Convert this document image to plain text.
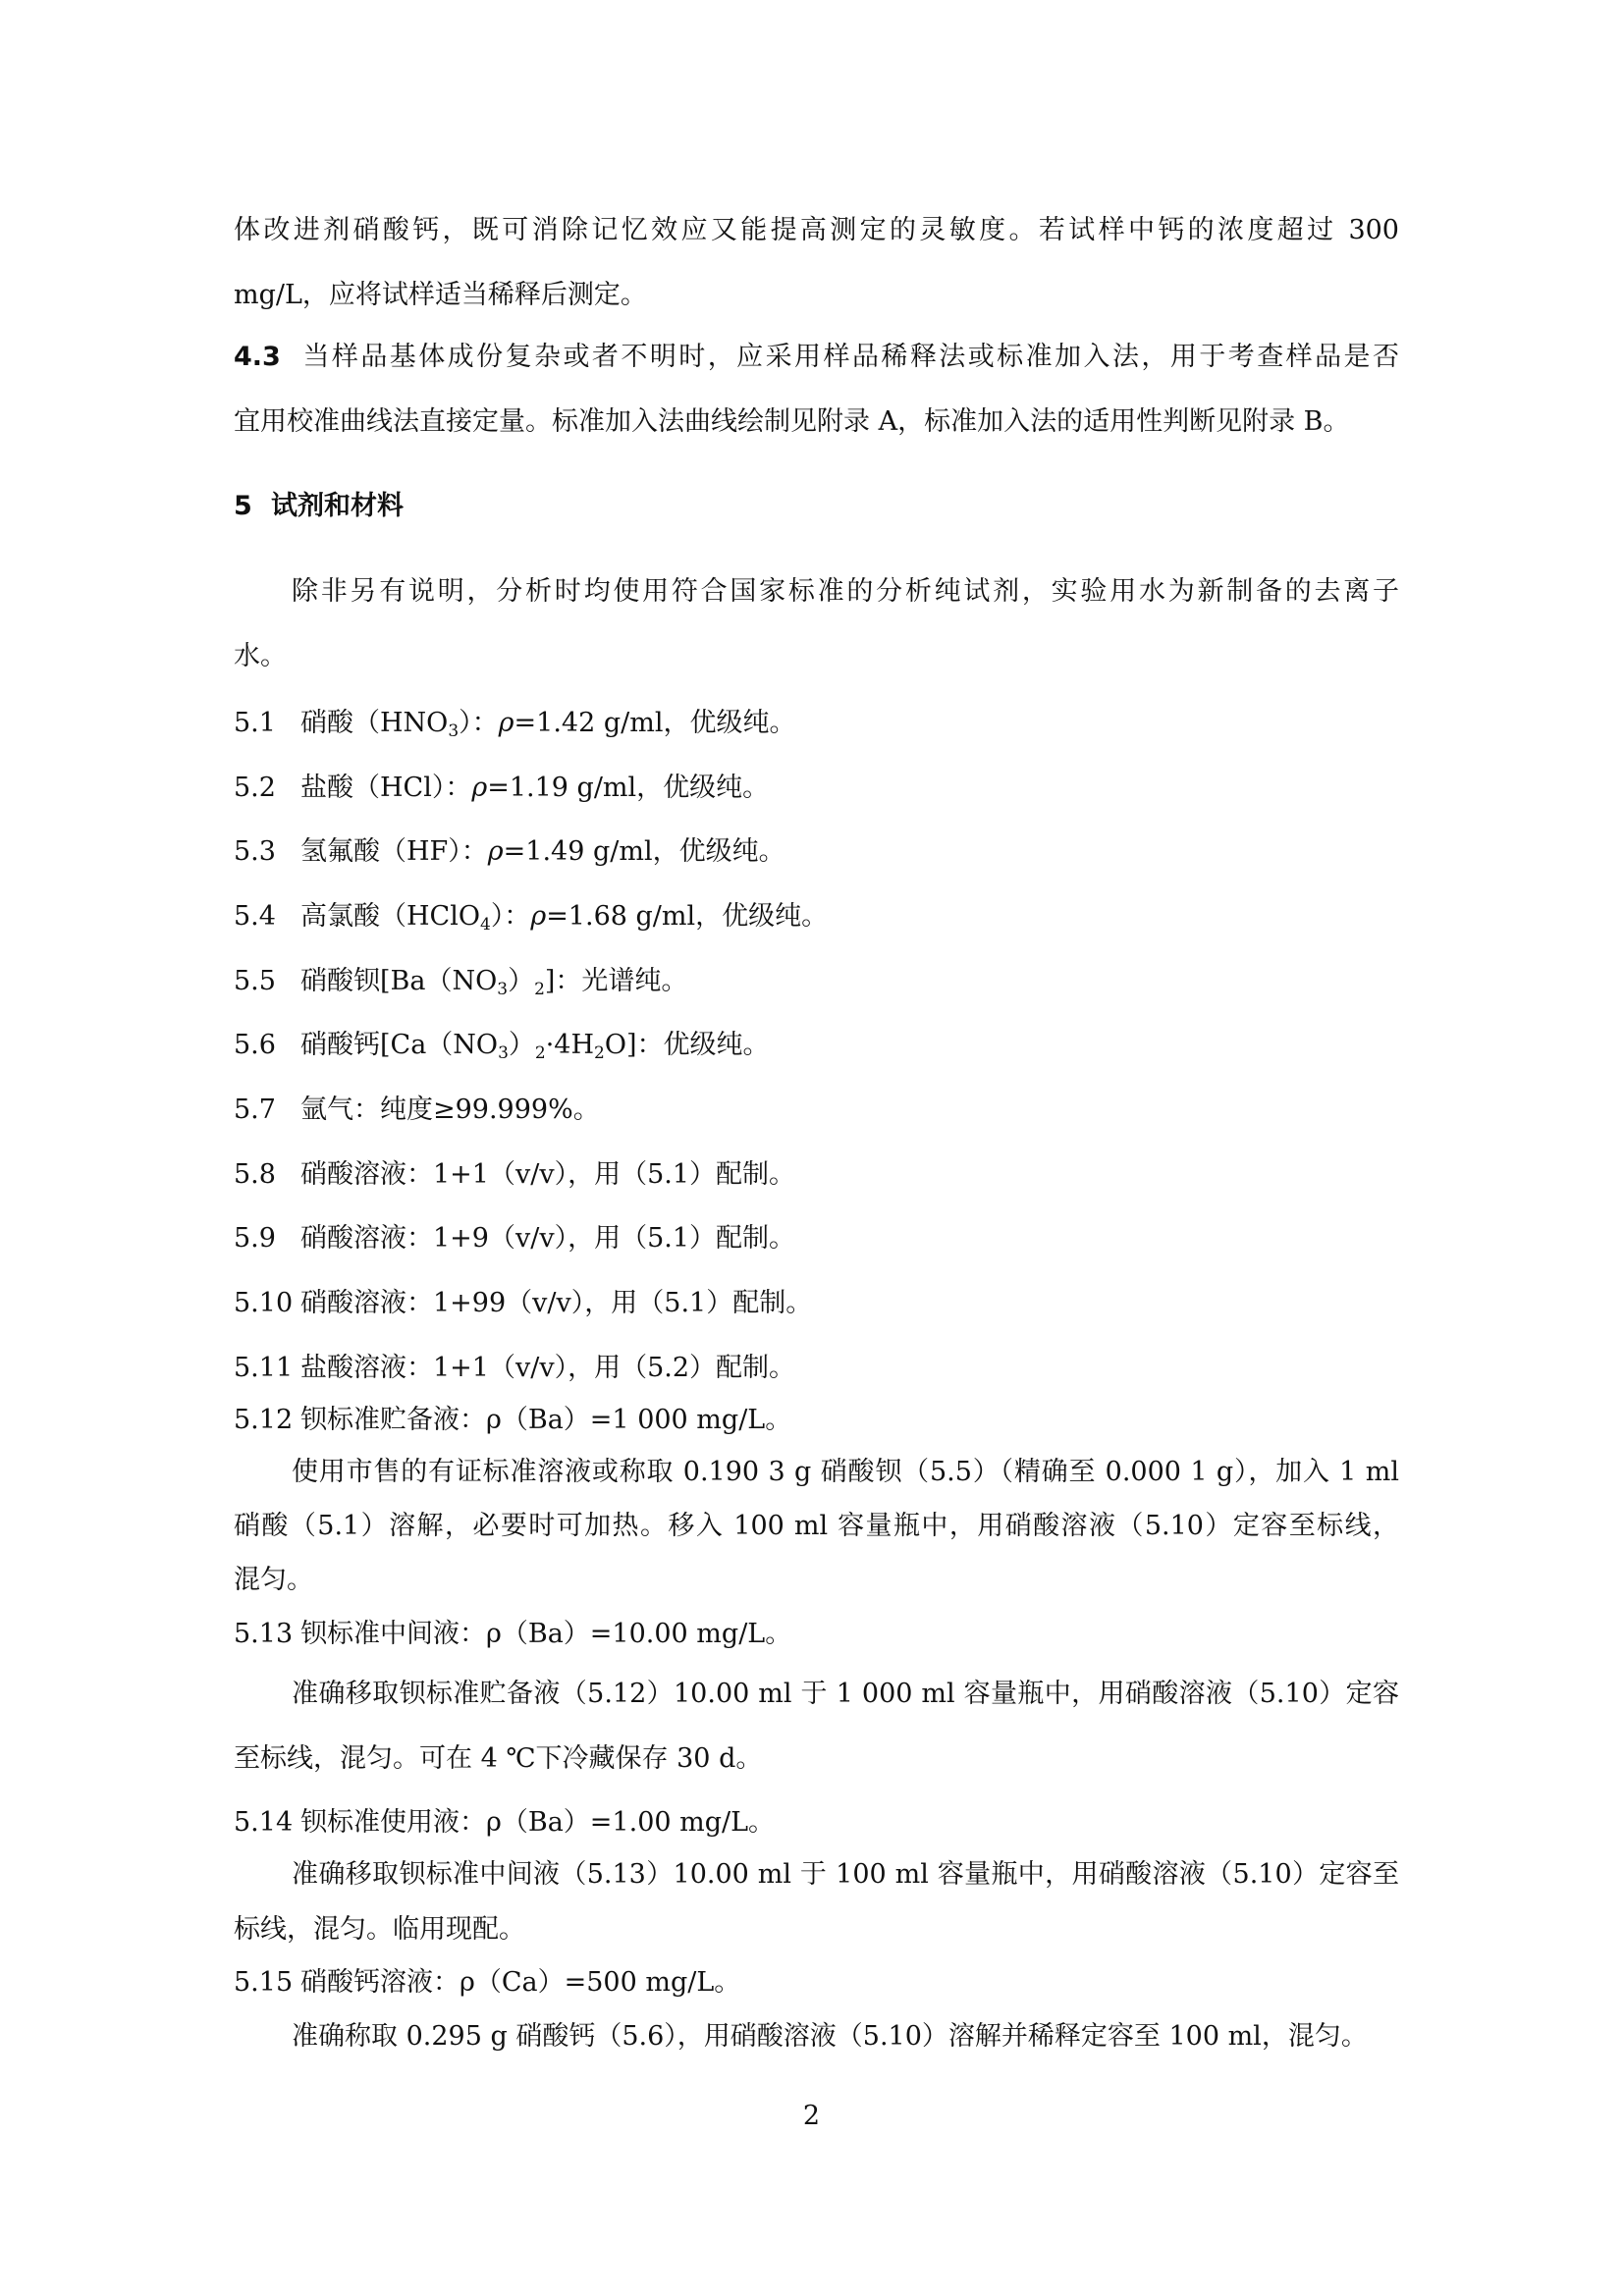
体改进剂硝酸钙，既可消除记忆效应又能提高测定的灵敏度。若试样中钙的浓度超过 300
mg/L，应将试样适当稀释后测定。
4.3 当样品基体成份复杂或者不明时，应采用样品稀释法或标准加入法，用于考查样品是否
宜用校准曲线法直接定量。标准加入法曲线绘制见附录 A，标准加入法的适用性判断见附录 B。
5 试剂和材料
除非另有说明，分析时均使用符合国家标准的分析纯试剂，实验用水为新制备的去离子
水。
5.1 硝酸$(HNO_3)$：ρ=1.42 g/ml，优级纯。
5.2 盐酸（HCl）：ρ=1.19 g/ml，优级纯。
5.3 氢氟酸（HF）：ρ=1.49 g/ml，优级纯。
5.4 高氯酸（HClO$_4$）：ρ=1.68 g/ml，优级纯。
5.5 硝酸钡$[Ba(NO_3)_2]$：光谱纯。
5.6 硝酸钙$[Ca(NO_3)_2\cdot 4H_2O]$：优级纯。
5.7 氩气：纯度≥99.999%。
5.8 硝酸溶液：1+1（v/v），用（5.1）配制。
5.9 硝酸溶液：1+9（v/v），用（5.1）配制。
5.10 硝酸溶液：1+99（v/v），用（5.1）配制。
5.11 盐酸溶液：1+1（v/v），用（5.2）配制。
5.12 钡标准贮备液：ρ（Ba）=1 000 mg/L。
使用市售的有证标准溶液或称取 0.190 3 g 硝酸钡（5.5）（精确至 0.000 1 g），加入 1 ml
硝酸（5.1）溶解，必要时可加热。移入 100 ml 容量瓶中，用硝酸溶液（5.10）定容至标线，
混匀。
5.13 钡标准中间液：ρ（Ba）=10.00 mg/L。
准确移取钡标准贮备液（5.12）10.00 ml 于 1 000 ml 容量瓶中，用硝酸溶液（5.10）定容
至标线，混匀。可在 4 ℃下冷藏保存 30 d。
5.14 钡标准使用液：ρ（Ba）=1.00 mg/L。
准确移取钡标准中间液（5.13）10.00 ml 于 100 ml 容量瓶中，用硝酸溶液（5.10）定容至
标线，混匀。临用现配。
5.15 硝酸钙溶液：ρ（Ca）=500 mg/L。
准确称取 0.295 g 硝酸钙（5.6），用硝酸溶液（5.10）溶解并稀释定容至 100 ml，混匀。
2
